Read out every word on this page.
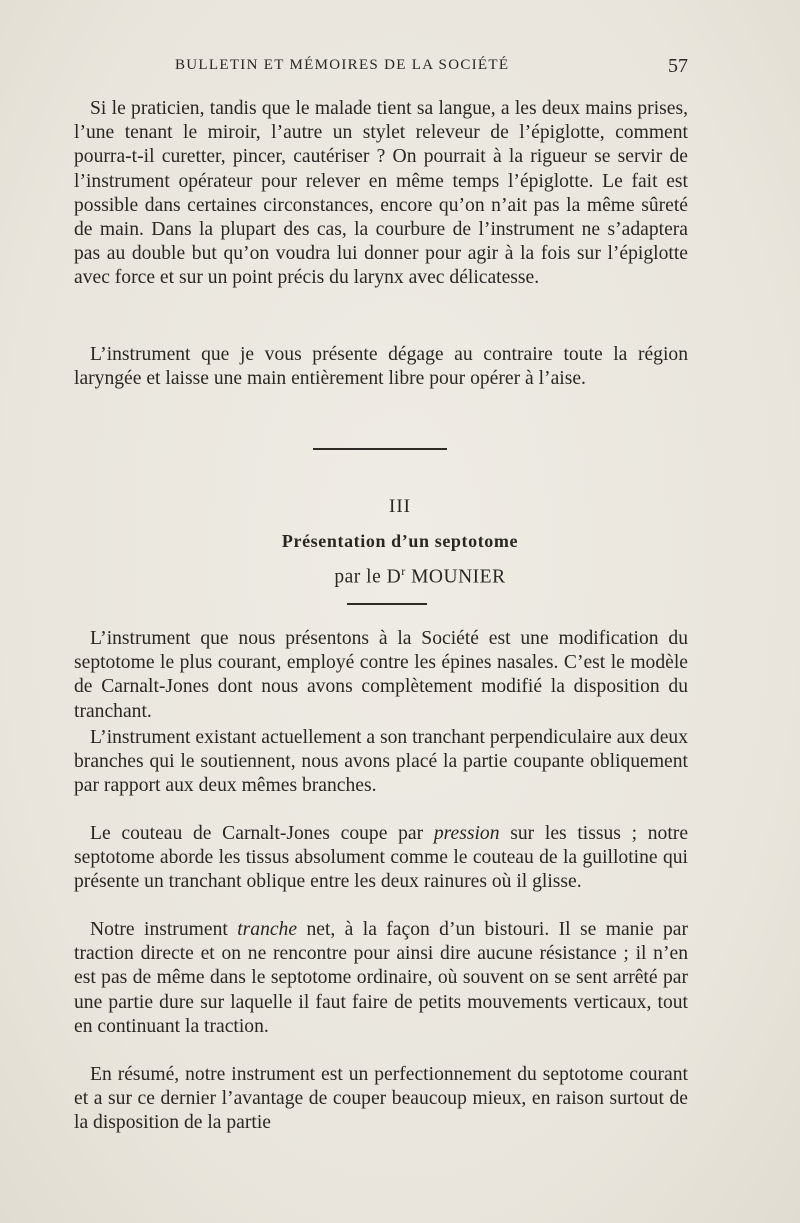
BULLETIN ET MÉMOIRES DE LA SOCIÉTÉ	57

Si le praticien, tandis que le malade tient sa langue, a les deux mains prises, l’une tenant le miroir, l’autre un stylet releveur de l’épiglotte, comment pourra-t-il curetter, pincer, cautériser ? On pourrait à la rigueur se servir de l’instrument opérateur pour relever en même temps l’épiglotte. Le fait est possible dans certaines circonstances, encore qu’on n’ait pas la même sûreté de main. Dans la plupart des cas, la courbure de l’instrument ne s’adaptera pas au double but qu’on voudra lui donner pour agir à la fois sur l’épiglotte avec force et sur un point précis du larynx avec délicatesse.

L’instrument que je vous présente dégage au contraire toute la région laryngée et laisse une main entièrement libre pour opérer à l’aise.

III
Présentation d’un septotome
par le $D^r$ MOUNIER

L’instrument que nous présentons à la Société est une modification du septotome le plus courant, employé contre les épines nasales. C’est le modèle de Carnalt-Jones dont nous avons complètement modifié la disposition du tranchant.

L’instrument existant actuellement a son tranchant perpendiculaire aux deux branches qui le soutiennent, nous avons placé la partie coupante obliquement par rapport aux deux mêmes branches.

Le couteau de Carnalt-Jones coupe par pression sur les tissus ; notre septotome aborde les tissus absolument comme le couteau de la guillotine qui présente un tranchant oblique entre les deux rainures où il glisse.

Notre instrument tranche net, à la façon d’un bistouri. Il se manie par traction directe et on ne rencontre pour ainsi dire aucune résistance ; il n’en est pas de même dans le septotome ordinaire, où souvent on se sent arrêté par une partie dure sur laquelle il faut faire de petits mouvements verticaux, tout en continuant la traction.

En résumé, notre instrument est un perfectionnement du septotome courant et a sur ce dernier l’avantage de couper beaucoup mieux, en raison surtout de la disposition de la partie
